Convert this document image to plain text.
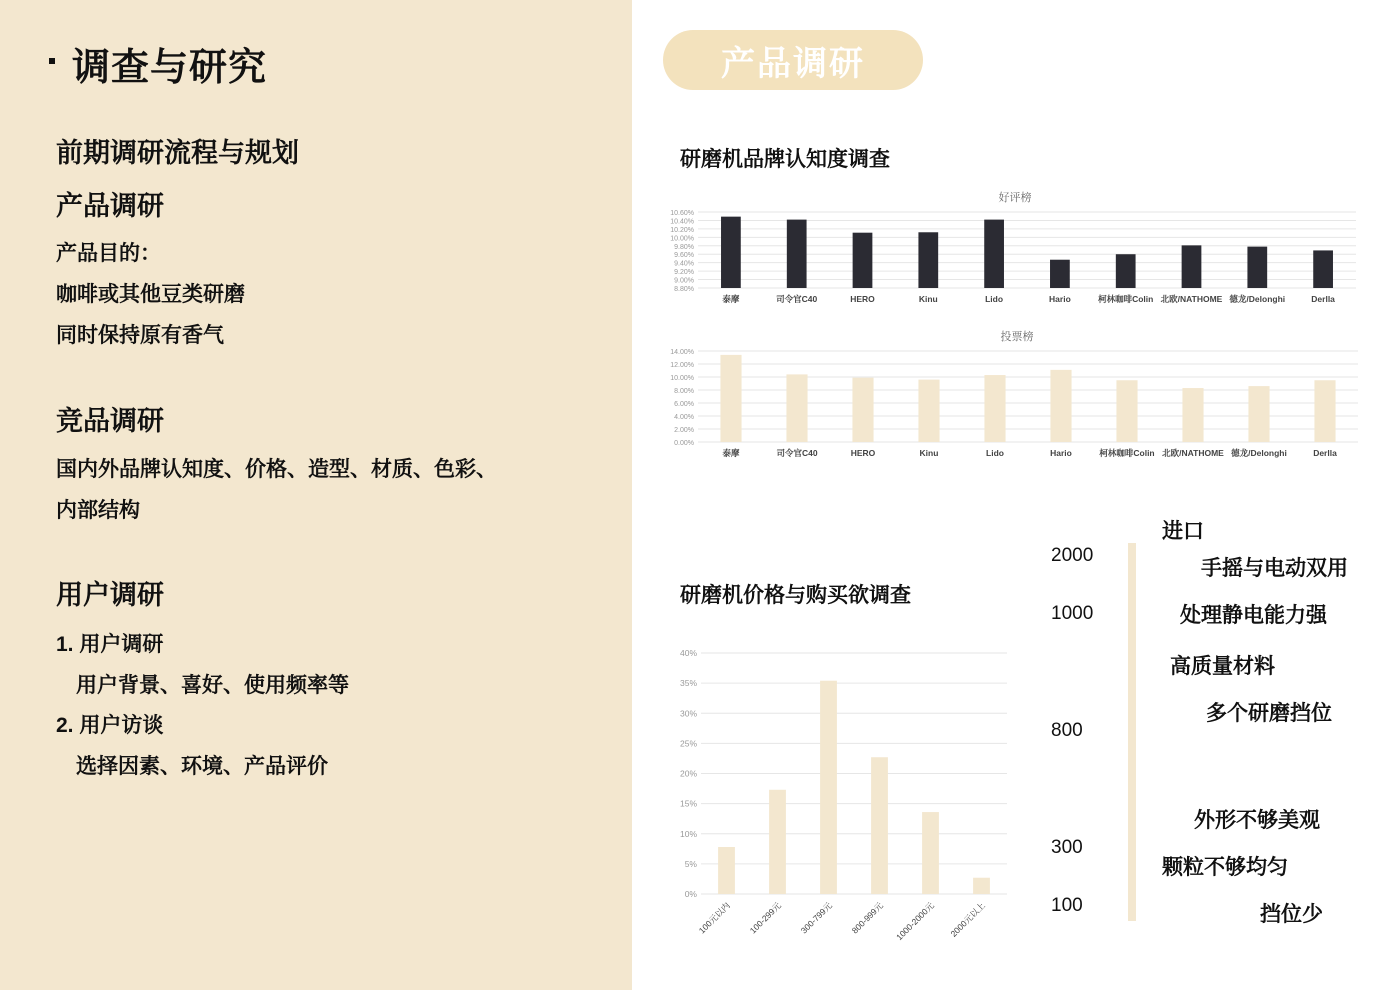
调查与研究
前期调研流程与规划
产品调研
产品目的：
咖啡或其他豆类研磨
同时保持原有香气
竞品调研
国内外品牌认知度、价格、造型、材质、色彩、
内部结构
用户调研
1. 用户调研
用户背景、喜好、使用频率等
2. 用户访谈
选择因素、环境、产品评价
产品调研
研磨机品牌认知度调查
研磨机价格与购买欲调查
好评榜
10.60%
10.40%
10.20%
10.00%
9.80%
9.60%
9.40%
9.20%
9.00%
8.80%
泰摩	司令官C40	HERO	Kinu	Lido	Hario	柯林咖啡Colin 北欧/NATHOME 德龙/Delonghi	Derlla
投票榜
14.00%
12.00%
10.00%
8.00%
6.00%
4.00%
2.00%
0.00%
泰摩	司令官C40	HERO	Kinu	Lido	Hario	柯林咖啡Colin 北欧/NATHOME 德龙/Delonghi	Derlla
40%
35%
30%
25%
20%
15%
10%
5%
0%
100元以内 100-299元 300-799元 800-999元 1000-2000元 2000元以上
2000
1000
800
300
100
进口
手摇与电动双用
处理静电能力强
高质量材料
多个研磨挡位
外形不够美观
颗粒不够均匀
挡位少
